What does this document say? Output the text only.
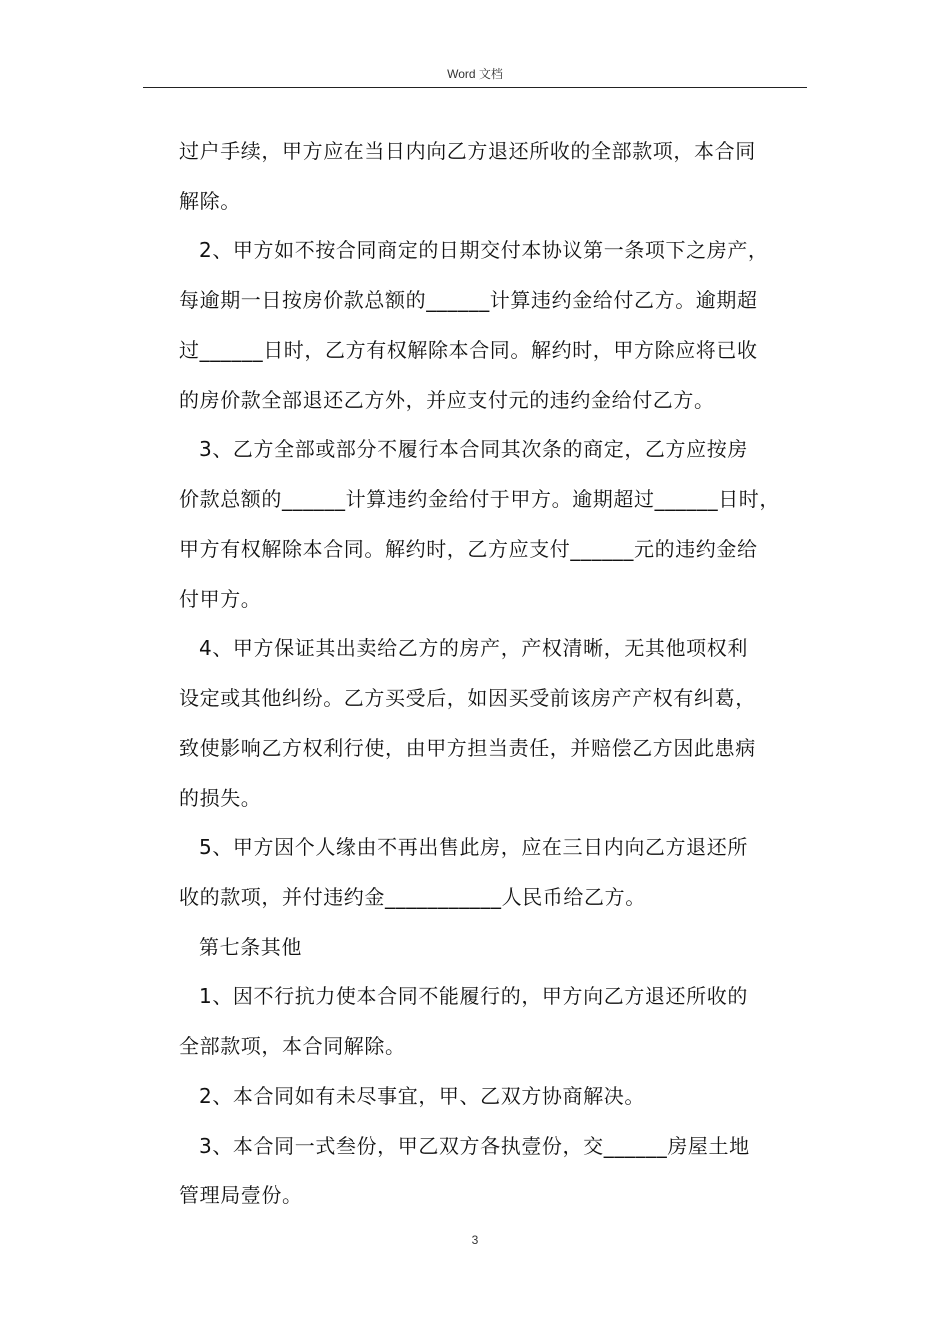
Word 文档
过户手续，甲方应在当日内向乙方退还所收的全部款项，本合同
解除。
2、甲方如不按合同商定的日期交付本协议第一条项下之房产，
每逾期一日按房价款总额的______计算违约金给付乙方。逾期超
过______日时，乙方有权解除本合同。解约时，甲方除应将已收
的房价款全部退还乙方外，并应支付元的违约金给付乙方。
3、乙方全部或部分不履行本合同其次条的商定，乙方应按房
价款总额的______计算违约金给付于甲方。逾期超过______日时，
甲方有权解除本合同。解约时，乙方应支付______元的违约金给
付甲方。
4、甲方保证其出卖给乙方的房产，产权清晰，无其他项权利
设定或其他纠纷。乙方买受后，如因买受前该房产产权有纠葛，
致使影响乙方权利行使，由甲方担当责任，并赔偿乙方因此患病
的损失。
5、甲方因个人缘由不再出售此房，应在三日内向乙方退还所
收的款项，并付违约金___________人民币给乙方。
第七条其他
1、因不行抗力使本合同不能履行的，甲方向乙方退还所收的
全部款项，本合同解除。
2、本合同如有未尽事宜，甲、乙双方协商解决。
3、本合同一式叁份，甲乙双方各执壹份，交______房屋土地
管理局壹份。
3
